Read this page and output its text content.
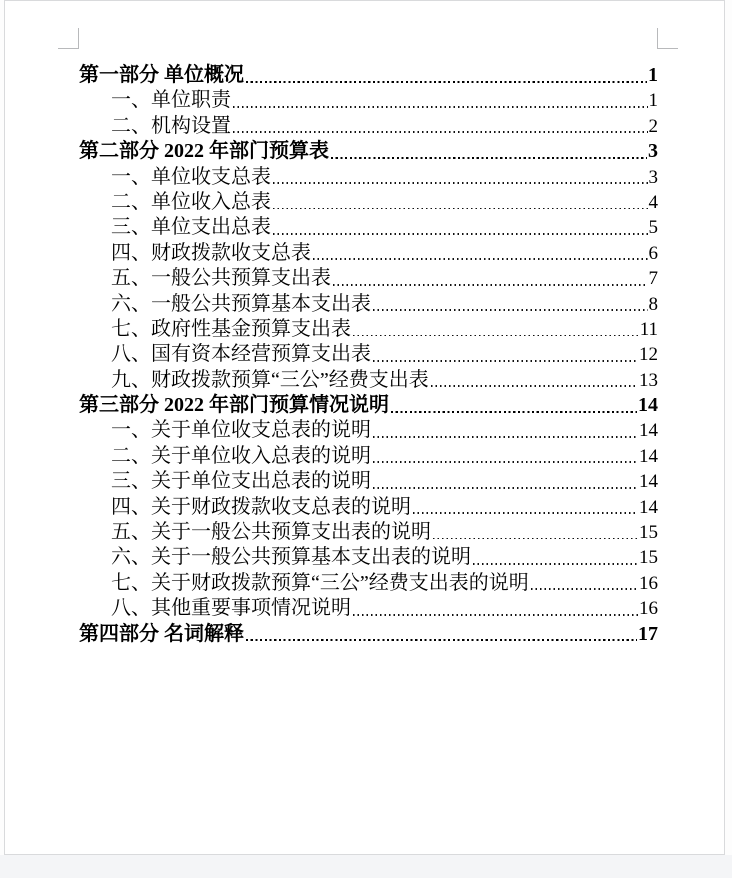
第一部分 单位概况	1
一、单位职责	1
二、机构设置	2
第二部分 2022 年部门预算表	3
一、单位收支总表	3
二、单位收入总表	4
三、单位支出总表	5
四、财政拨款收支总表	6
五、一般公共预算支出表	7
六、一般公共预算基本支出表	8
七、政府性基金预算支出表	11
八、国有资本经营预算支出表	12
九、财政拨款预算“三公”经费支出表	13
第三部分 2022 年部门预算情况说明	14
一、关于单位收支总表的说明	14
二、关于单位收入总表的说明	14
三、关于单位支出总表的说明	14
四、关于财政拨款收支总表的说明	14
五、关于一般公共预算支出表的说明	15
六、关于一般公共预算基本支出表的说明	15
七、关于财政拨款预算“三公”经费支出表的说明	16
八、其他重要事项情况说明	16
第四部分 名词解释	17
